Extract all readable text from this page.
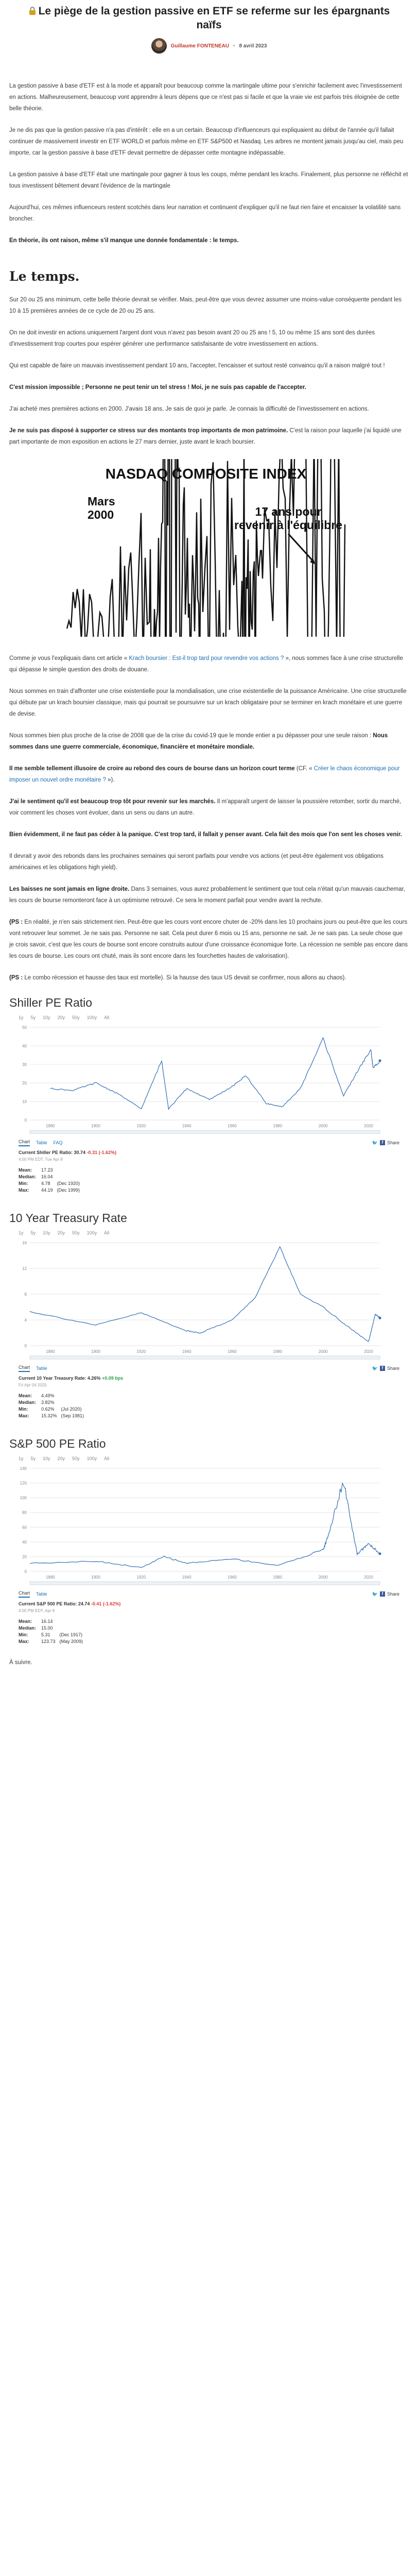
Le piège de la gestion passive en ETF se referme sur les épargnants naïfs
Guillaume FONTENEAU • 8 avril 2023

La gestion passive à base d'ETF est à la mode et apparaît pour beaucoup comme la martingale ultime pour s'enrichir facilement avec l'investissement en actions. Malheureusement, beaucoup vont apprendre à leurs dépens que ce n'est pas si facile et que la vraie vie est parfois très éloignée de cette belle théorie.

Je ne dis pas que la gestion passive n'a pas d'intérêt : elle en a un certain. Beaucoup d'influenceurs qui expliquaient au début de l'année qu'il fallait continuer de massivement investir en ETF WORLD et parfois même en ETF S&P500 et Nasdaq. Les arbres ne montent jamais jusqu'au ciel, mais peu importe, car la gestion passive à base d'ETF devait permettre de dépasser cette montagne indépassable.

La gestion passive à base d'ETF était une martingale pour gagner à tous les coups, même pendant les krachs. Finalement, plus personne ne réfléchit et tous investissent bêtement devant l'évidence de la martingale

Aujourd'hui, ces mêmes influenceurs restent scotchés dans leur narration et continuent d'expliquer qu'il ne faut rien faire et encaisser la volatilité sans broncher.

En théorie, ils ont raison, même s'il manque une donnée fondamentale : le temps.

Le temps.

Sur 20 ou 25 ans minimum, cette belle théorie devrait se vérifier. Mais, peut-être que vous devrez assumer une moins-value conséquente pendant les 10 à 15 premières années de ce cycle de 20 ou 25 ans.

On ne doit investir en actions uniquement l'argent dont vous n'avez pas besoin avant 20 ou 25 ans ! 5, 10 ou même 15 ans sont des durées d'investissement trop courtes pour espérer générer une performance satisfaisante de votre investissement en actions.

Qui est capable de faire un mauvais investissement pendant 10 ans, l'accepter, l'encaisser et surtout resté convaincu qu'il a raison malgré tout !

C'est mission impossible ; Personne ne peut tenir un tel stress ! Moi, je ne suis pas capable de l'accepter.

J'ai acheté mes premières actions en 2000. J'avais 18 ans. Je sais de quoi je parle. Je connais la difficulté de l'investissement en actions.

Je ne suis pas disposé à supporter ce stress sur des montants trop importants de mon patrimoine. C'est la raison pour laquelle j'ai liquidé une part importante de mon exposition en actions le 27 mars dernier, juste avant le krach boursier.

NASDAQ COMPOSITE INDEX
Mars
2000	17 ans pour
revenir à l'équilibre

Comme je vous l'expliquais dans cet article « Krach boursier : Est-il trop tard pour revendre vos actions ? », nous sommes face à une crise structurelle qui dépasse le simple question des droits de douane.

Nous sommes en train d'affronter une crise existentielle pour la mondialisation, une crise existentielle de la puissance Américaine. Une crise structurelle qui débute par un krach boursier classique, mais qui pourrait se poursuivre sur un krach obligataire pour se terminer en krach monétaire et une guerre de devise.

Nous sommes bien plus proche de la crise de 2008 que de la crise du covid-19 que le monde entier a pu dépasser pour une seule raison : Nous sommes dans une guerre commerciale, économique, financière et monétaire mondiale.

Il me semble tellement illusoire de croire au rebond des cours de bourse dans un horizon court terme (CF. « Créer le chaos économique pour imposer un nouvel ordre monétaire ? »).

J'ai le sentiment qu'il est beaucoup trop tôt pour revenir sur les marchés. Il m'apparaît urgent de laisser la poussière retomber, sortir du marché, voir comment les choses vont évoluer, dans un sens ou dans un autre.

Bien évidemment, il ne faut pas céder à la panique. C'est trop tard, il fallait y penser avant. Cela fait des mois que l'on sent les choses venir.

Il devrait y avoir des rebonds dans les prochaines semaines qui seront parfaits pour vendre vos actions (et peut-être également vos obligations américaines et les obligations high yield).

Les baisses ne sont jamais en ligne droite. Dans 3 semaines, vous aurez probablement le sentiment que tout cela n'était qu'un mauvais cauchemar, les cours de bourse remonteront face à un optimisme retrouvé. Ce sera le moment parfait pour vendre avant la rechute.

(PS : En réalité, je n'en sais strictement rien. Peut-être que les cours vont encore chuter de -20% dans les 10 prochains jours ou peut-être que les cours vont retrouver leur sommet. Je ne sais pas. Personne ne sait. Cela peut durer 6 mois ou 15 ans, personne ne sait. Je ne sais pas. La seule chose que je crois savoir, c'est que les cours de bourse sont encore construits autour d'une croissance économique forte. La récession ne semble pas encore dans les cours de bourse. Les cours ont chuté, mais ils sont encore dans les fourchettes hautes de valorisation).

(PS : Le combo récession et hausse des taux est mortelle). Si la hausse des taux US devait se confirmer, nous allons au chaos).

Shiller PE Ratio
1y 5y 10y 20y 50y 100y All
0
10
20
30
40
50
1880	1900	1920	1940	1960	1980	2000	2020
Chart Table FAQ	🐦 f Share
Current Shiller PE Ratio: 30.74 -0.31 (-1.62%)
4:00 PM EDT, Tue Apr 8
Mean:	17.23	
Median:	16.04	
Min:	4.78	(Dec 1920)
Max:	44.19	(Dec 1999)
10 Year Treasury Rate
1y 5y 10y 20y 50y 100y All
0
4
8
12
16
1880	1900	1920	1940	1960	1980	2000	2020
Chart Table	🐦 f Share
Current 10 Year Treasury Rate: 4.26% +0.09 bps
Fri Apr 04 2025
Mean:	4.49%	
Median:	3.82%	
Min:	0.62%	(Jul 2020)
Max:	15.32%	(Sep 1981)
S&P 500 PE Ratio
1y 5y 10y 20y 50y 100y All
0
20
40
60
80
100
120
140
1880	1900	1920	1940	1960	1980	2000	2020
Chart Table	🐦 f Share
Current S&P 500 PE Ratio: 24.74 -0.41 (-1.62%)
4:00 PM EDT, Apr 8
Mean:	16.14	
Median:	15.00	
Min:	5.31	(Dec 1917)
Max:	123.73	(May 2009)
À suivre.
